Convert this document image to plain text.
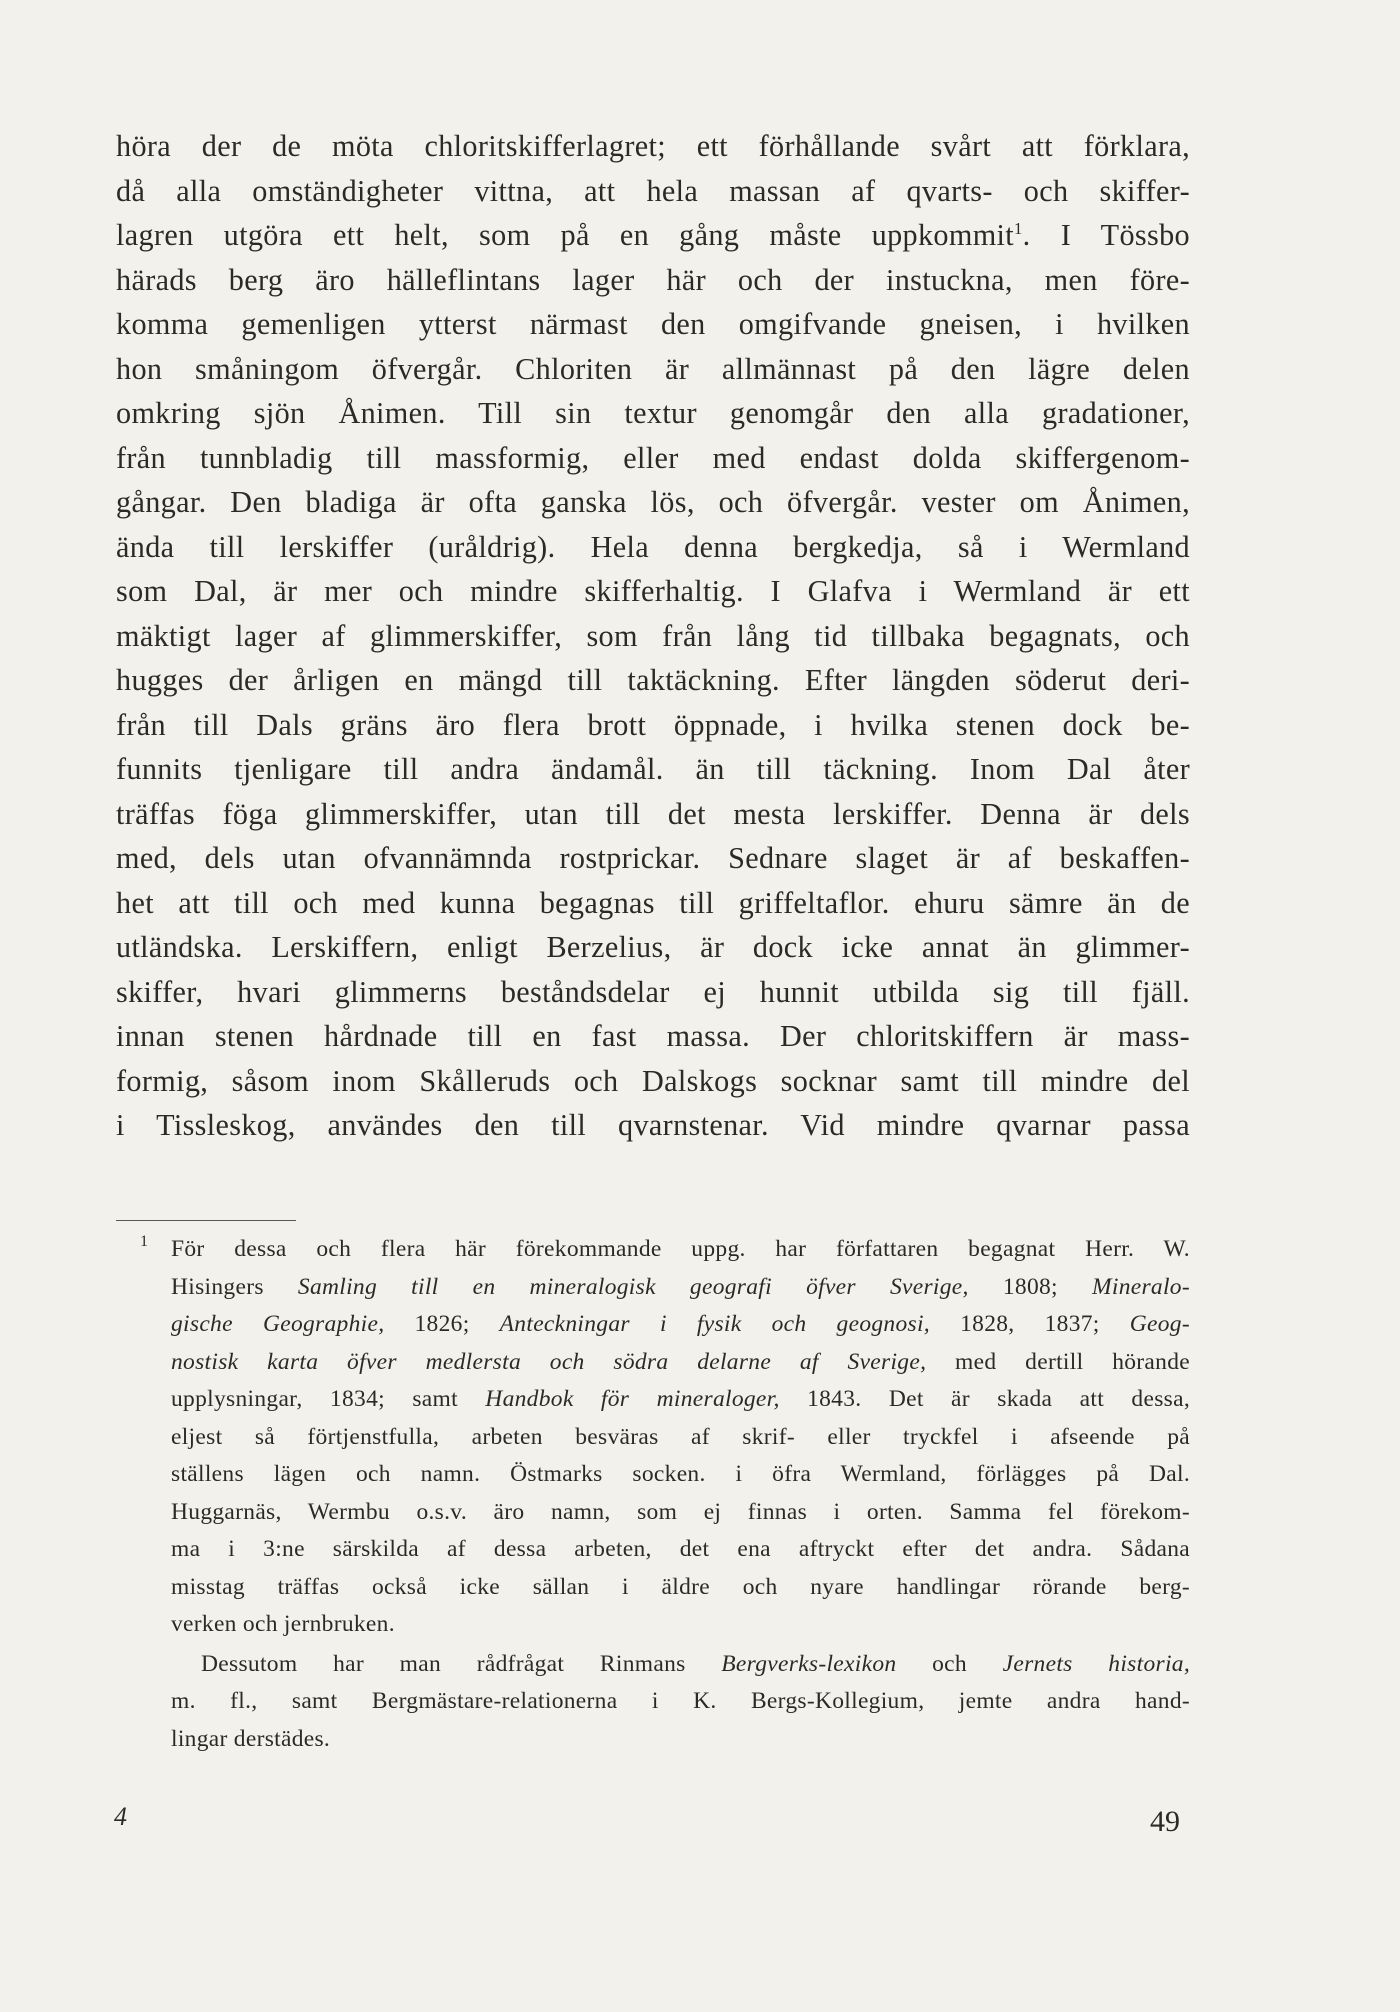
höra der de möta chloritskifferlagret; ett förhållande svårt att förklara,
då alla omständigheter vittna, att hela massan af qvarts- och skiffer-
lagren utgöra ett helt, som på en gång måste uppkommit$^1$. I Tössbo
härads berg äro hälleflintans lager här och der instuckna, men före-
komma gemenligen ytterst närmast den omgifvande gneisen, i hvilken
hon småningom öfvergår. Chloriten är allmännast på den lägre delen
omkring sjön Ånimen. Till sin textur genomgår den alla gradationer,
från tunnbladig till massformig, eller med endast dolda skiffergenom-
gångar. Den bladiga är ofta ganska lös, och öfvergår. vester om Ånimen,
ända till lerskiffer (uråldrig). Hela denna bergkedja, så i Wermland
som Dal, är mer och mindre skifferhaltig. I Glafva i Wermland är ett
mäktigt lager af glimmerskiffer, som från lång tid tillbaka begagnats, och
hugges der årligen en mängd till taktäckning. Efter längden söderut deri-
från till Dals gräns äro flera brott öppnade, i hvilka stenen dock be-
funnits tjenligare till andra ändamål. än till täckning. Inom Dal åter
träffas föga glimmerskiffer, utan till det mesta lerskiffer. Denna är dels
med, dels utan ofvannämnda rostprickar. Sednare slaget är af beskaffen-
het att till och med kunna begagnas till griffeltaflor. ehuru sämre än de
utländska. Lerskiffern, enligt Berzelius, är dock icke annat än glimmer-
skiffer, hvari glimmerns beståndsdelar ej hunnit utbilda sig till fjäll.
innan stenen hårdnade till en fast massa. Der chloritskiffern är mass-
formig, såsom inom Skålleruds och Dalskogs socknar samt till mindre del
i Tissleskog, användes den till qvarnstenar. Vid mindre qvarnar passa
1 För dessa och flera här förekommande uppg. har författaren begagnat Herr. W.
Hisingers Samling till en mineralogisk geografi öfver Sverige, 1808; Mineralo-
gische Geographie, 1826; Anteckningar i fysik och geognosi, 1828, 1837; Geog-
nostisk karta öfver medlersta och södra delarne af Sverige, med dertill hörande
upplysningar, 1834; samt Handbok för mineraloger, 1843. Det är skada att dessa,
eljest så förtjenstfulla, arbeten besväras af skrif- eller tryckfel i afseende på
ställens lägen och namn. Östmarks socken. i öfra Wermland, förlägges på Dal.
Huggarnäs, Wermbu o.s.v. äro namn, som ej finnas i orten. Samma fel förekom-
ma i 3:ne särskilda af dessa arbeten, det ena aftryckt efter det andra. Sådana
misstag träffas också icke sällan i äldre och nyare handlingar rörande berg-
verken och jernbruken.
Dessutom har man rådfrågat Rinmans Bergverks-lexikon och Jernets historia,
m. fl., samt Bergmästare-relationerna i K. Bergs-Kollegium, jemte andra hand-
lingar derstädes.
4	49
